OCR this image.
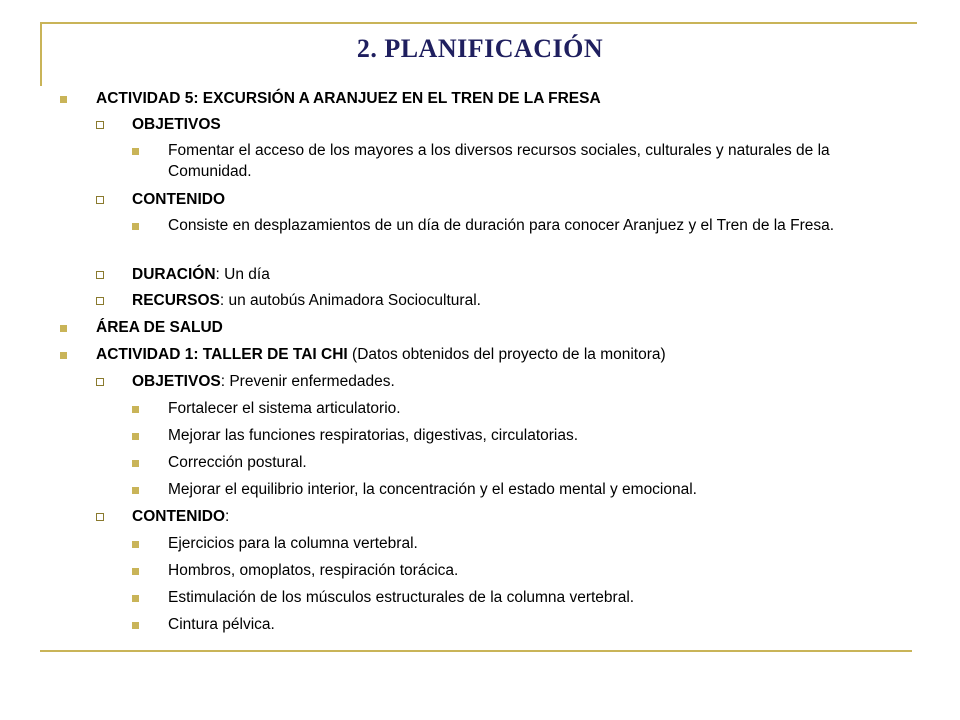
2. PLANIFICACIÓN
ACTIVIDAD 5: EXCURSIÓN A ARANJUEZ EN EL TREN DE LA FRESA
OBJETIVOS
Fomentar el acceso de los mayores a los diversos recursos sociales, culturales y naturales de la Comunidad.
CONTENIDO
Consiste en desplazamientos de un día de duración para conocer Aranjuez y el Tren de la Fresa.
DURACIÓN: Un día
RECURSOS: un autobús Animadora Sociocultural.
ÁREA DE SALUD
ACTIVIDAD 1: TALLER DE TAI CHI (Datos obtenidos del proyecto de la monitora)
OBJETIVOS: Prevenir enfermedades.
Fortalecer el sistema articulatorio.
Mejorar las funciones respiratorias, digestivas, circulatorias.
Corrección postural.
Mejorar el equilibrio interior, la concentración y el estado mental y emocional.
CONTENIDO:
Ejercicios para la columna vertebral.
Hombros, omoplatos, respiración torácica.
Estimulación de los músculos estructurales de la columna vertebral.
Cintura pélvica.
